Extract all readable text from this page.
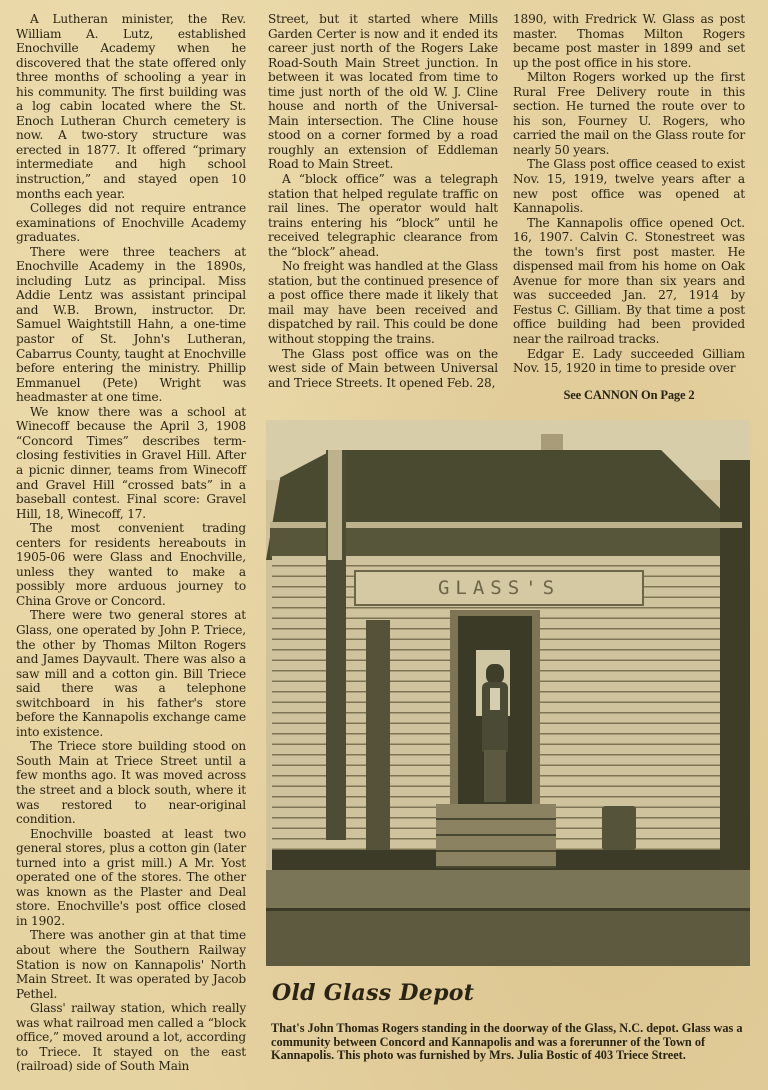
A Lutheran minister, the Rev. William A. Lutz, established Enochville Academy when he discovered that the state offered only three months of schooling a year in his community. The first building was a log cabin located where the St. Enoch Lutheran Church cemetery is now. A two-story structure was erected in 1877. It offered “primary intermediate and high school instruction,” and stayed open 10 months each year.

Colleges did not require entrance examinations of Enochville Academy graduates.

There were three teachers at Enochville Academy in the 1890s, including Lutz as principal. Miss Addie Lentz was assistant principal and W.B. Brown, instructor. Dr. Samuel Waightstill Hahn, a one-time pastor of St. John's Lutheran, Cabarrus County, taught at Enochville before entering the ministry. Phillip Emmanuel (Pete) Wright was headmaster at one time.

We know there was a school at Winecoff because the April 3, 1908 “Concord Times” describes term-closing festivities in Gravel Hill. After a picnic dinner, teams from Winecoff and Gravel Hill “crossed bats” in a baseball contest. Final score: Gravel Hill, 18, Winecoff, 17.

The most convenient trading centers for residents hereabouts in 1905-06 were Glass and Enochville, unless they wanted to make a possibly more arduous journey to China Grove or Concord.

There were two general stores at Glass, one operated by John P. Triece, the other by Thomas Milton Rogers and James Dayvault. There was also a saw mill and a cotton gin. Bill Triece said there was a telephone switchboard in his father's store before the Kannapolis exchange came into existence.

The Triece store building stood on South Main at Triece Street until a few months ago. It was moved across the street and a block south, where it was restored to near-original condition.

Enochville boasted at least two general stores, plus a cotton gin (later turned into a grist mill.) A Mr. Yost operated one of the stores. The other was known as the Plaster and Deal store. Enochville's post office closed in 1902.

There was another gin at that time about where the Southern Railway Station is now on Kannapolis' North Main Street. It was operated by Jacob Pethel.

Glass' railway station, which really was what railroad men called a “block office,” moved around a lot, according to Triece. It stayed on the east (railroad) side of South Main

Street, but it started where Mills Garden Certer is now and it ended its career just north of the Rogers Lake Road-South Main Street junction. In between it was located from time to time just north of the old W. J. Cline house and north of the Universal-Main intersection. The Cline house stood on a corner formed by a road roughly an extension of Eddleman Road to Main Street.

A “block office” was a telegraph station that helped regulate traffic on rail lines. The operator would halt trains entering his “block” until he received telegraphic clearance from the “block” ahead.

No freight was handled at the Glass station, but the continued presence of a post office there made it likely that mail may have been received and dispatched by rail. This could be done without stopping the trains.

The Glass post office was on the west side of Main between Universal and Triece Streets. It opened Feb. 28,

1890, with Fredrick W. Glass as post master. Thomas Milton Rogers became post master in 1899 and set up the post office in his store.

Milton Rogers worked up the first Rural Free Delivery route in this section. He turned the route over to his son, Fourney U. Rogers, who carried the mail on the Glass route for nearly 50 years.

The Glass post office ceased to exist Nov. 15, 1919, twelve years after a new post office was opened at Kannapolis.

The Kannapolis office opened Oct. 16, 1907. Calvin C. Stonestreet was the town's first post master. He dispensed mail from his home on Oak Avenue for more than six years and was succeeded Jan. 27, 1914 by Festus C. Gilliam. By that time a post office building had been provided near the railroad tracks.

Edgar E. Lady succeeded Gilliam Nov. 15, 1920 in time to preside over

See CANNON On Page 2

GLASS'S
Old Glass Depot
That's John Thomas Rogers standing in the doorway of the Glass, N.C. depot. Glass was a community between Concord and Kannapolis and was a forerunner of the Town of Kannapolis. This photo was furnished by Mrs. Julia Bostic of 403 Triece Street.
